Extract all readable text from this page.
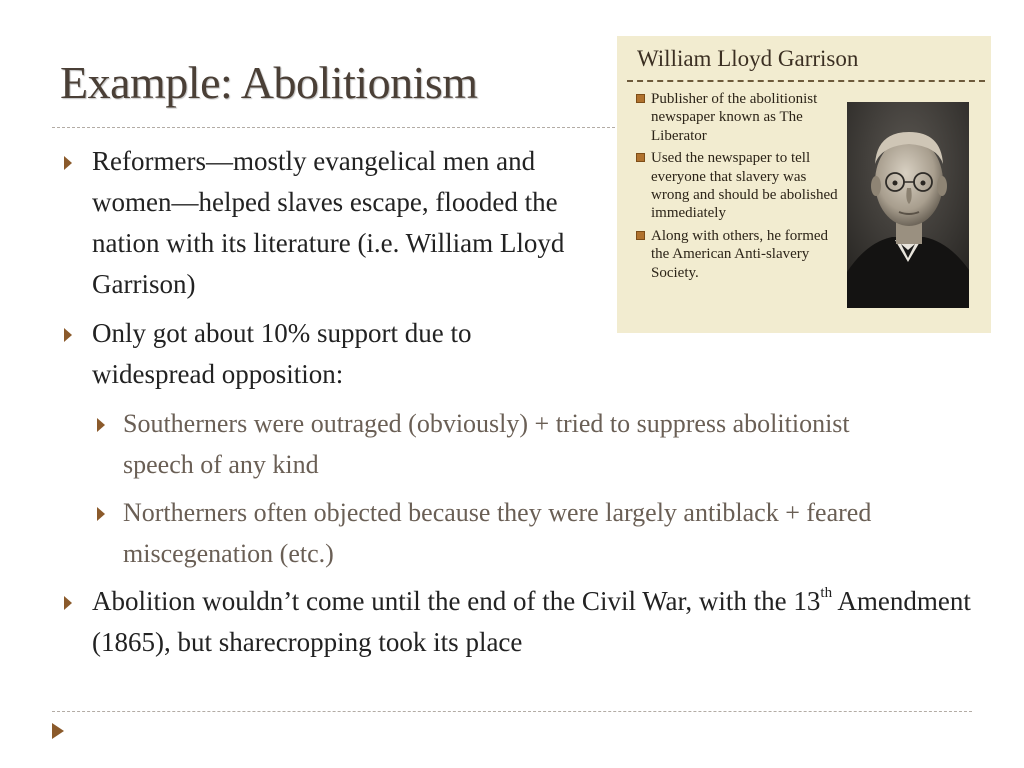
Example: Abolitionism
Reformers—mostly evangelical men and women—helped slaves escape, flooded the nation with its literature (i.e. William Lloyd Garrison)
Only got about 10% support due to widespread opposition:
Southerners were outraged (obviously) + tried to suppress abolitionist speech of any kind
Northerners often objected because they were largely antiblack + feared miscegenation (etc.)
Abolition wouldn’t come until the end of the Civil War, with the 13th Amendment (1865), but sharecropping took its place
William Lloyd Garrison
Publisher of the abolitionist newspaper known as The Liberator
Used the newspaper to tell everyone that slavery was wrong and should be abolished immediately
Along with others, he formed the American Anti-slavery Society.
